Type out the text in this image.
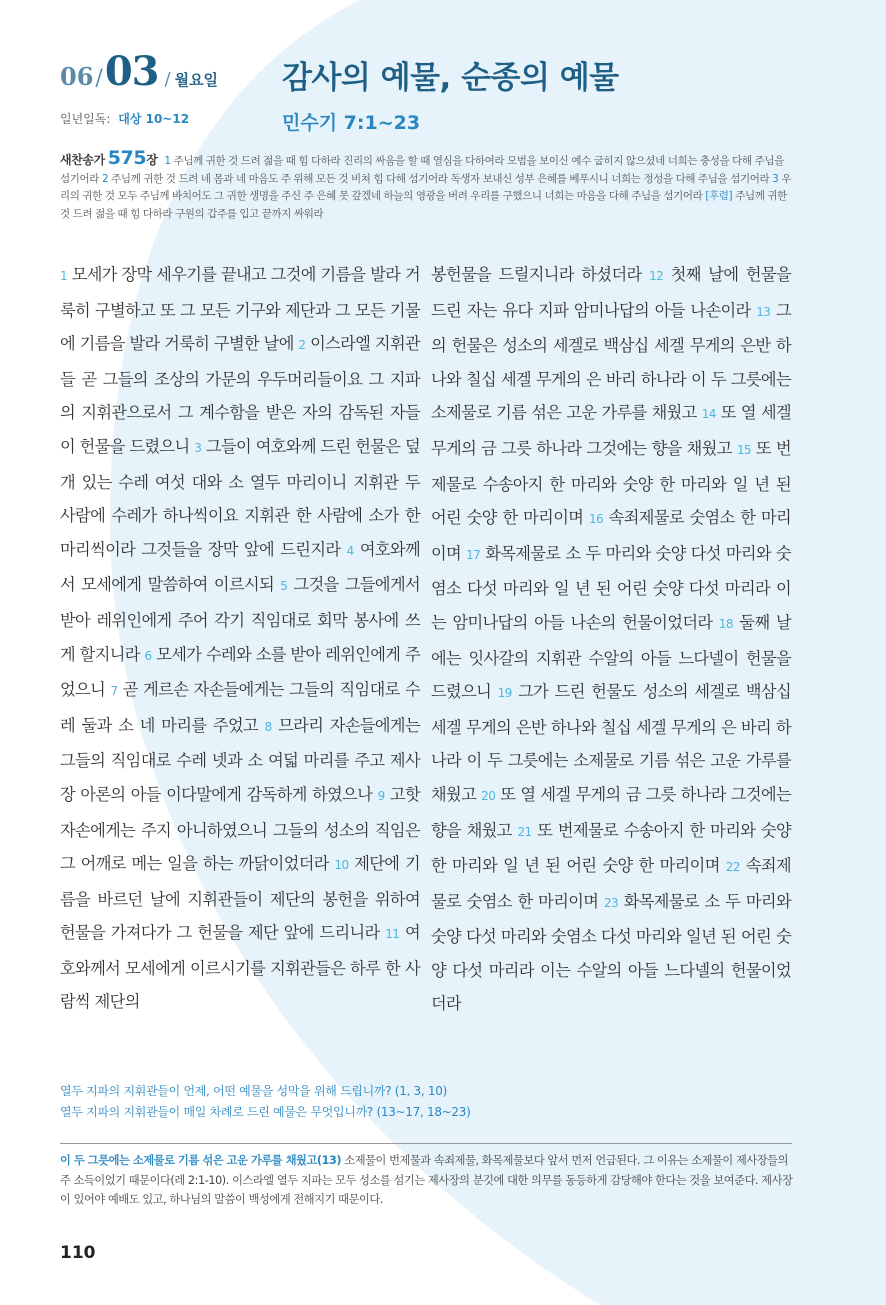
06 / 03 / 월요일
일년일독: 대상 10~12
감사의 예물, 순종의 예물
민수기 7:1~23
새찬송가 575장 1 주님께 귀한 것 드려 젊을 때 힘 다하라 진리의 싸움을 할 때 열심을 다하여라 모범을 보이신 예수 굽히지 않으셨네 너희는 충성을 다해 주님을 섬기어라 2 주님께 귀한 것 드려 네 몸과 네 마음도 주 위해 모든 것 비쳐 힘 다해 섬기어라 독생자 보내신 성부 은혜를 베푸시니 너희는 정성을 다해 주님을 섬기어라 3 우리의 귀한 것 모두 주님께 바치어도 그 귀한 생명을 주신 주 은혜 못 갚겠네 하늘의 영광을 버려 우리를 구했으니 너희는 마음을 다해 주님을 섬기어라 [후렴] 주님께 귀한 것 드려 젊을 때 힘 다하라 구원의 갑주를 입고 끝까지 싸워라
1 모세가 장막 세우기를 끝내고 그것에 기름을 발라 거룩히 구별하고 또 그 모든 기구와 제단과 그 모든 기물에 기름을 발라 거룩히 구별한 날에 2 이스라엘 지휘관들 곧 그들의 조상의 가문의 우두머리들이요 그 지파의 지휘관으로서 그 계수함을 받은 자의 감독된 자들이 헌물을 드렸으니 3 그들이 여호와께 드린 헌물은 덮개 있는 수레 여섯 대와 소 열두 마리이니 지휘관 두 사람에 수레가 하나씩이요 지휘관 한 사람에 소가 한 마리씩이라 그것들을 장막 앞에 드린지라 4 여호와께서 모세에게 말씀하여 이르시되 5 그것을 그들에게서 받아 레위인에게 주어 각기 직임대로 회막 봉사에 쓰게 할지니라 6 모세가 수레와 소를 받아 레위인에게 주었으니 7 곧 게르손 자손들에게는 그들의 직임대로 수레 둘과 소 네 마리를 주었고 8 므라리 자손들에게는 그들의 직임대로 수레 넷과 소 여덟 마리를 주고 제사장 아론의 아들 이다말에게 감독하게 하였으나 9 고핫 자손에게는 주지 아니하였으니 그들의 성소의 직임은 그 어깨로 메는 일을 하는 까닭이었더라 10 제단에 기름을 바르던 날에 지휘관들이 제단의 봉헌을 위하여 헌물을 가져다가 그 헌물을 제단 앞에 드리니라 11 여호와께서 모세에게 이르시기를 지휘관들은 하루 한 사람씩 제단의
봉헌물을 드릴지니라 하셨더라 12 첫째 날에 헌물을 드린 자는 유다 지파 암미나답의 아들 나손이라 13 그의 헌물은 성소의 세겔로 백삼십 세겔 무게의 은반 하나와 칠십 세겔 무게의 은 바리 하나라 이 두 그릇에는 소제물로 기름 섞은 고운 가루를 채웠고 14 또 열 세겔 무게의 금 그릇 하나라 그것에는 향을 채웠고 15 또 번제물로 수송아지 한 마리와 숫양 한 마리와 일 년 된 어린 숫양 한 마리이며 16 속죄제물로 숫염소 한 마리이며 17 화목제물로 소 두 마리와 숫양 다섯 마리와 숫염소 다섯 마리와 일 년 된 어린 숫양 다섯 마리라 이는 암미나답의 아들 나손의 헌물이었더라 18 둘째 날에는 잇사갈의 지휘관 수알의 아들 느다넬이 헌물을 드렸으니 19 그가 드린 헌물도 성소의 세겔로 백삼십 세겔 무게의 은반 하나와 칠십 세겔 무게의 은 바리 하나라 이 두 그릇에는 소제물로 기름 섞은 고운 가루를 채웠고 20 또 열 세겔 무게의 금 그릇 하나라 그것에는 향을 채웠고 21 또 번제물로 수송아지 한 마리와 숫양 한 마리와 일 년 된 어린 숫양 한 마리이며 22 속죄제물로 숫염소 한 마리이며 23 화목제물로 소 두 마리와 숫양 다섯 마리와 숫염소 다섯 마리와 일년 된 어린 숫양 다섯 마리라 이는 수알의 아들 느다넬의 헌물이었더라
열두 지파의 지휘관들이 언제, 어떤 예물을 성막을 위해 드립니까? (1, 3, 10)
열두 지파의 지휘관들이 매일 차례로 드린 예물은 무엇입니까? (13~17, 18~23)
이 두 그릇에는 소제물로 기름 섞은 고운 가루를 채웠고(13) 소제물이 번제물과 속죄제물, 화목제물보다 앞서 먼저 언급된다. 그 이유는 소제물이 제사장들의 주 소득이었기 때문이다(레 2:1-10). 이스라엘 열두 지파는 모두 성소를 섬기는 제사장의 분깃에 대한 의무를 동등하게 감당해야 한다는 것을 보여준다. 제사장이 있어야 예배도 있고, 하나님의 말씀이 백성에게 전해지기 때문이다.
110
